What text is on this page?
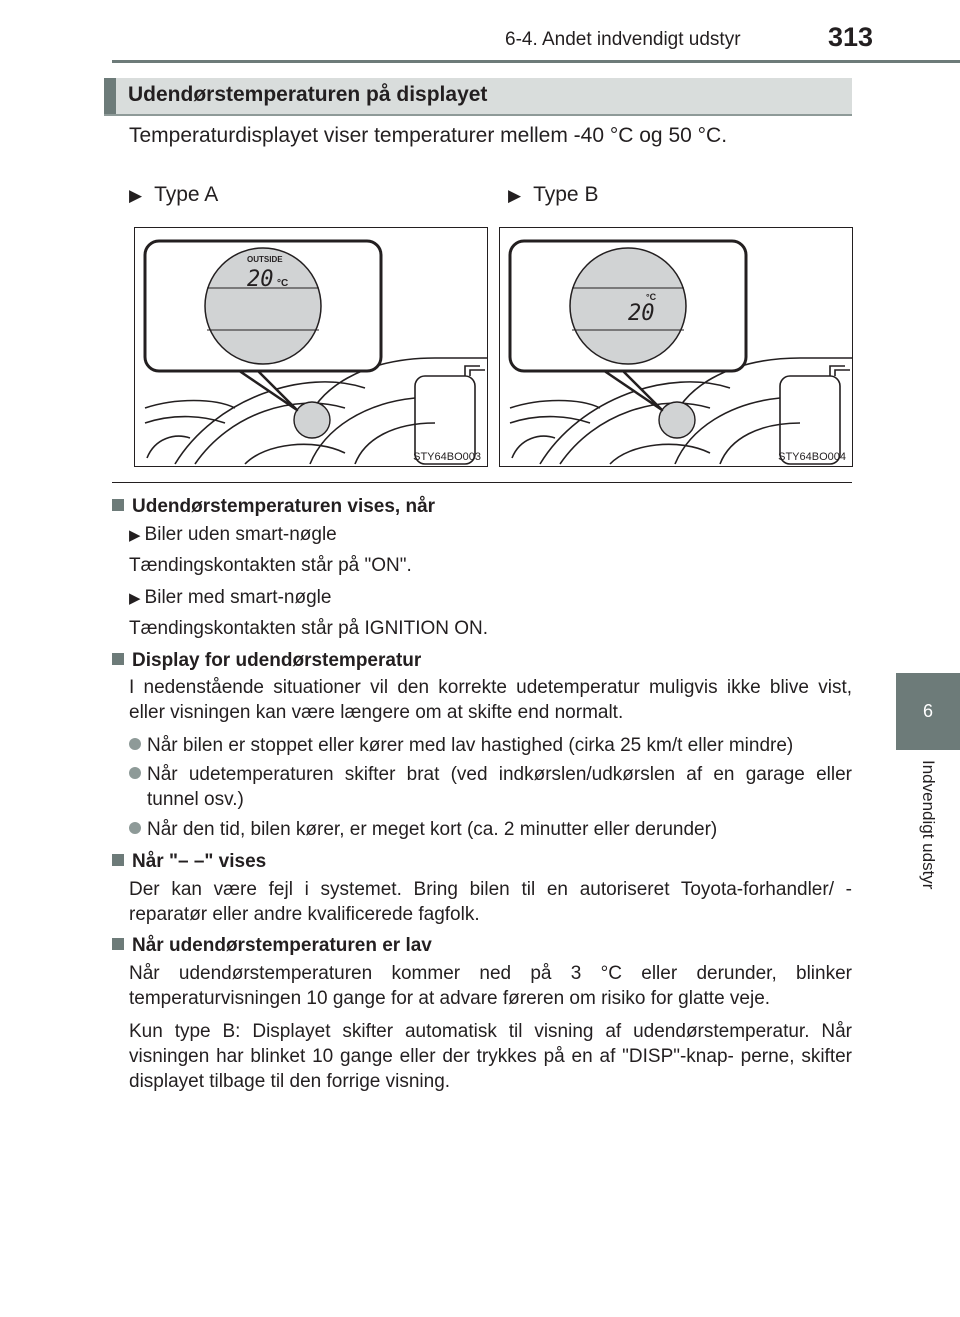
6-4. Andet indvendigt udstyr	313
6
Indvendigt udstyr
Udendørstemperaturen på displayet
Temperaturdisplayet viser temperaturer mellem -40 °C og 50 °C.
▶ Type A	▶ Type B
OUTSIDE
20 °C
STY64BO003
°C
20
STY64BO004
Udendørstemperaturen vises, når
▶ Biler uden smart-nøgle
Tændingskontakten står på "ON".
▶ Biler med smart-nøgle
Tændingskontakten står på IGNITION ON.
Display for udendørstemperatur
I nedenstående situationer vil den korrekte udetemperatur muligvis ikke blive vist, eller visningen kan være længere om at skifte end normalt.
Når bilen er stoppet eller kører med lav hastighed (cirka 25 km/t eller mindre)
Når udetemperaturen skifter brat (ved indkørslen/udkørslen af en garage eller tunnel osv.)
Når den tid, bilen kører, er meget kort (ca. 2 minutter eller derunder)
Når "– –" vises
Der kan være fejl i systemet. Bring bilen til en autoriseret Toyota-forhandler/ -reparatør eller andre kvalificerede fagfolk.
Når udendørstemperaturen er lav
Når udendørstemperaturen kommer ned på 3 °C eller derunder, blinker temperaturvisningen 10 gange for at advare føreren om risiko for glatte veje.
Kun type B: Displayet skifter automatisk til visning af udendørstemperatur. Når visningen har blinket 10 gange eller der trykkes på en af "DISP"-knap- perne, skifter displayet tilbage til den forrige visning.
